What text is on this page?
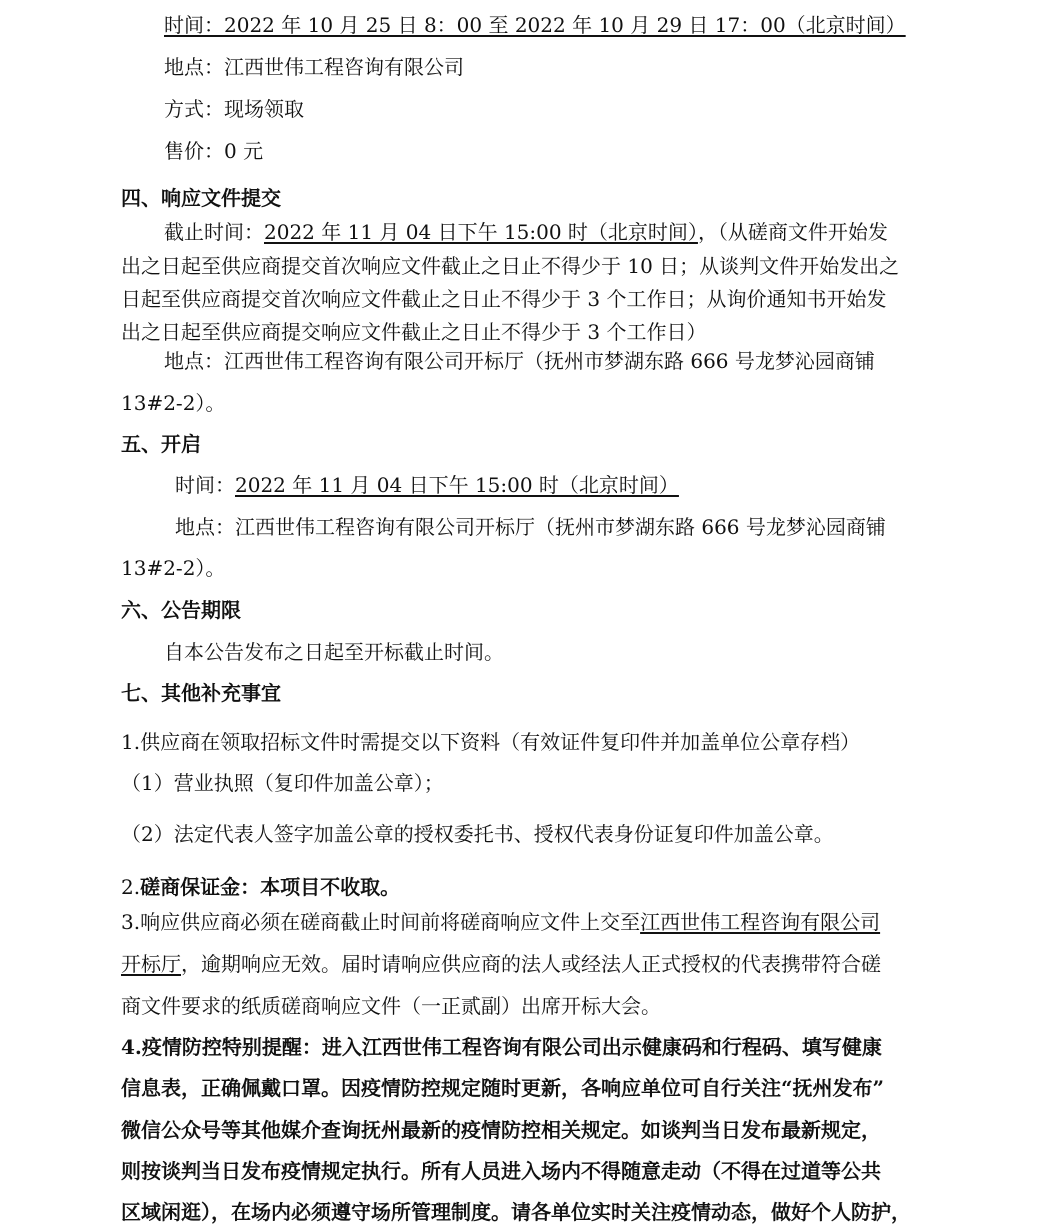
时间：2022 年 10 月 25 日 8：00 至 2022 年 10 月 29 日 17：00（北京时间）
地点：江西世伟工程咨询有限公司
方式：现场领取
售价：0 元
四、响应文件提交
截止时间：2022 年 11 月 04 日下午 15:00 时（北京时间），（从磋商文件开始发
出之日起至供应商提交首次响应文件截止之日止不得少于 10 日；从谈判文件开始发出之
日起至供应商提交首次响应文件截止之日止不得少于 3 个工作日；从询价通知书开始发
出之日起至供应商提交响应文件截止之日止不得少于 3 个工作日）
地点：江西世伟工程咨询有限公司开标厅（抚州市梦湖东路 666 号龙梦沁园商铺
13#2-2）。
五、开启
时间：2022 年 11 月 04 日下午 15:00 时（北京时间）
地点：江西世伟工程咨询有限公司开标厅（抚州市梦湖东路 666 号龙梦沁园商铺
13#2-2）。
六、公告期限
自本公告发布之日起至开标截止时间。
七、其他补充事宜
1.供应商在领取招标文件时需提交以下资料（有效证件复印件并加盖单位公章存档）
（1）营业执照（复印件加盖公章）；
（2）法定代表人签字加盖公章的授权委托书、授权代表身份证复印件加盖公章。
2.磋商保证金：本项目不收取。
3.响应供应商必须在磋商截止时间前将磋商响应文件上交至江西世伟工程咨询有限公司
开标厅，逾期响应无效。届时请响应供应商的法人或经法人正式授权的代表携带符合磋
商文件要求的纸质磋商响应文件（一正贰副）出席开标大会。
4.疫情防控特别提醒：进入江西世伟工程咨询有限公司出示健康码和行程码、填写健康
信息表，正确佩戴口罩。因疫情防控规定随时更新，各响应单位可自行关注“抚州发布”
微信公众号等其他媒介查询抚州最新的疫情防控相关规定。如谈判当日发布最新规定，
则按谈判当日发布疫情规定执行。所有人员进入场内不得随意走动（不得在过道等公共
区域闲逛），在场内必须遵守场所管理制度。请各单位实时关注疫情动态，做好个人防护，
